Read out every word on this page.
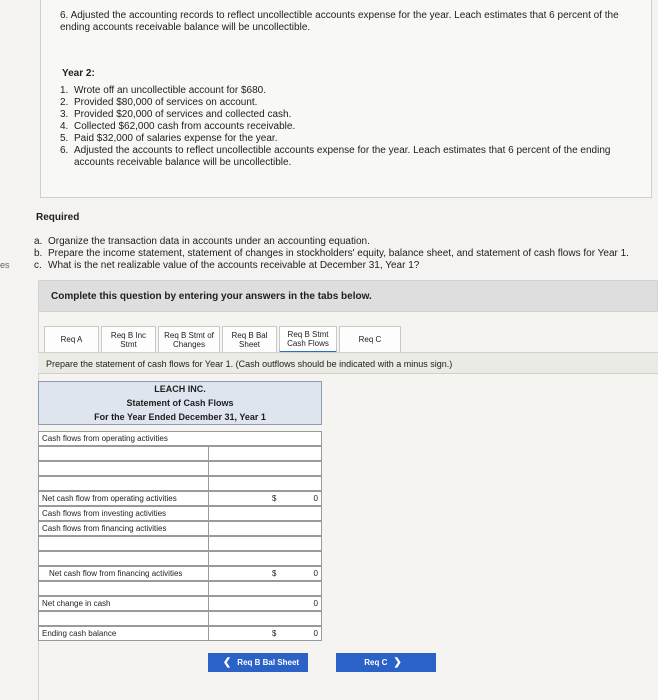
es
6. Adjusted the accounting records to reflect uncollectible accounts expense for the year. Leach estimates that 6 percent of the ending accounts receivable balance will be uncollectible.
Year 2:
1. Wrote off an uncollectible account for $680.
2. Provided $80,000 of services on account.
3. Provided $20,000 of services and collected cash.
4. Collected $62,000 cash from accounts receivable.
5. Paid $32,000 of salaries expense for the year.
6. Adjusted the accounts to reflect uncollectible accounts expense for the year. Leach estimates that 6 percent of the ending accounts receivable balance will be uncollectible.
Required
a. Organize the transaction data in accounts under an accounting equation.
b. Prepare the income statement, statement of changes in stockholders' equity, balance sheet, and statement of cash flows for Year 1.
c. What is the net realizable value of the accounts receivable at December 31, Year 1?
Complete this question by entering your answers in the tabs below.
Req A	Req B Inc Stmt
Req B Stmt of Changes
Req B Bal Sheet
Req B Stmt Cash Flows	Req C
Prepare the statement of cash flows for Year 1. (Cash outflows should be indicated with a minus sign.)
LEACH INC.
Statement of Cash Flows
For the Year Ended December 31, Year 1
Cash flows from operating activities
Net cash flow from operating activities	$	0
Cash flows from investing activities
Cash flows from financing activities
Net cash flow from financing activities	$	0
Net change in cash	0
Ending cash balance	$	0
❮ Req B Bal Sheet	Req C ❯
